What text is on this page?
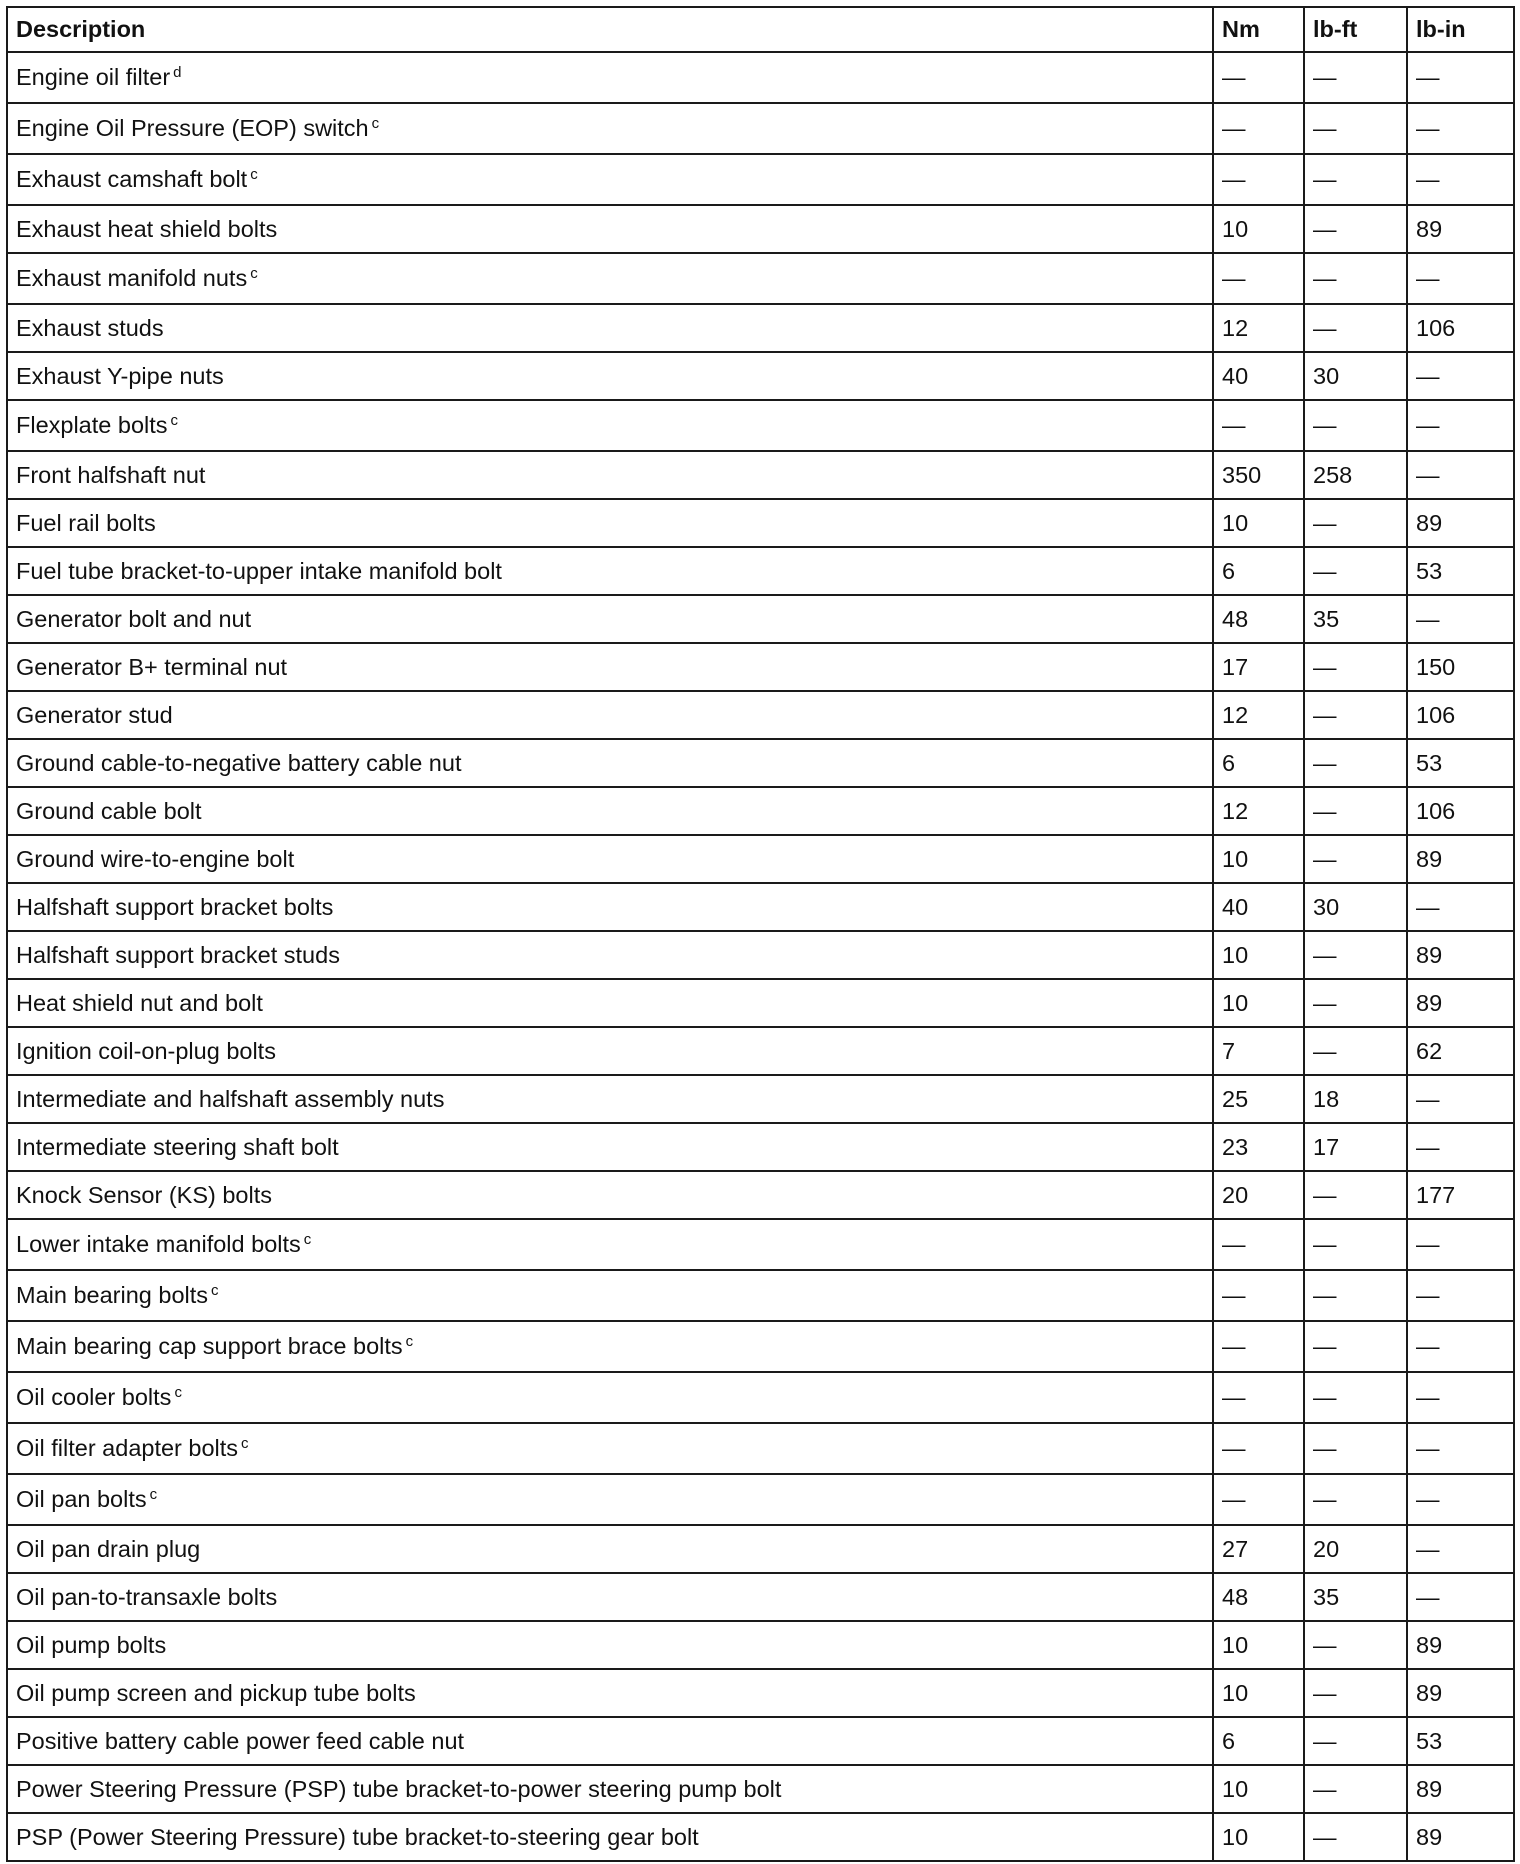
Description	Nm	lb-ft	lb-in
Engine oil filter $^d$	—	—	—
Engine Oil Pressure (EOP) switch $^c$	—	—	—
Exhaust camshaft bolt $^c$	—	—	—
Exhaust heat shield bolts	10	—	89
Exhaust manifold nuts $^c$	—	—	—
Exhaust studs	12	—	106
Exhaust Y-pipe nuts	40	30	—
Flexplate bolts $^c$	—	—	—
Front halfshaft nut	350	258	—
Fuel rail bolts	10	—	89
Fuel tube bracket-to-upper intake manifold bolt	6	—	53
Generator bolt and nut	48	35	—
Generator B+ terminal nut	17	—	150
Generator stud	12	—	106
Ground cable-to-negative battery cable nut	6	—	53
Ground cable bolt	12	—	106
Ground wire-to-engine bolt	10	—	89
Halfshaft support bracket bolts	40	30	—
Halfshaft support bracket studs	10	—	89
Heat shield nut and bolt	10	—	89
Ignition coil-on-plug bolts	7	—	62
Intermediate and halfshaft assembly nuts	25	18	—
Intermediate steering shaft bolt	23	17	—
Knock Sensor (KS) bolts	20	—	177
Lower intake manifold bolts $^c$	—	—	—
Main bearing bolts $^c$	—	—	—
Main bearing cap support brace bolts $^c$	—	—	—
Oil cooler bolts $^c$	—	—	—
Oil filter adapter bolts $^c$	—	—	—
Oil pan bolts $^c$	—	—	—
Oil pan drain plug	27	20	—
Oil pan-to-transaxle bolts	48	35	—
Oil pump bolts	10	—	89
Oil pump screen and pickup tube bolts	10	—	89
Positive battery cable power feed cable nut	6	—	53
Power Steering Pressure (PSP) tube bracket-to-power steering pump bolt	10	—	89
PSP (Power Steering Pressure) tube bracket-to-steering gear bolt	10	—	89
